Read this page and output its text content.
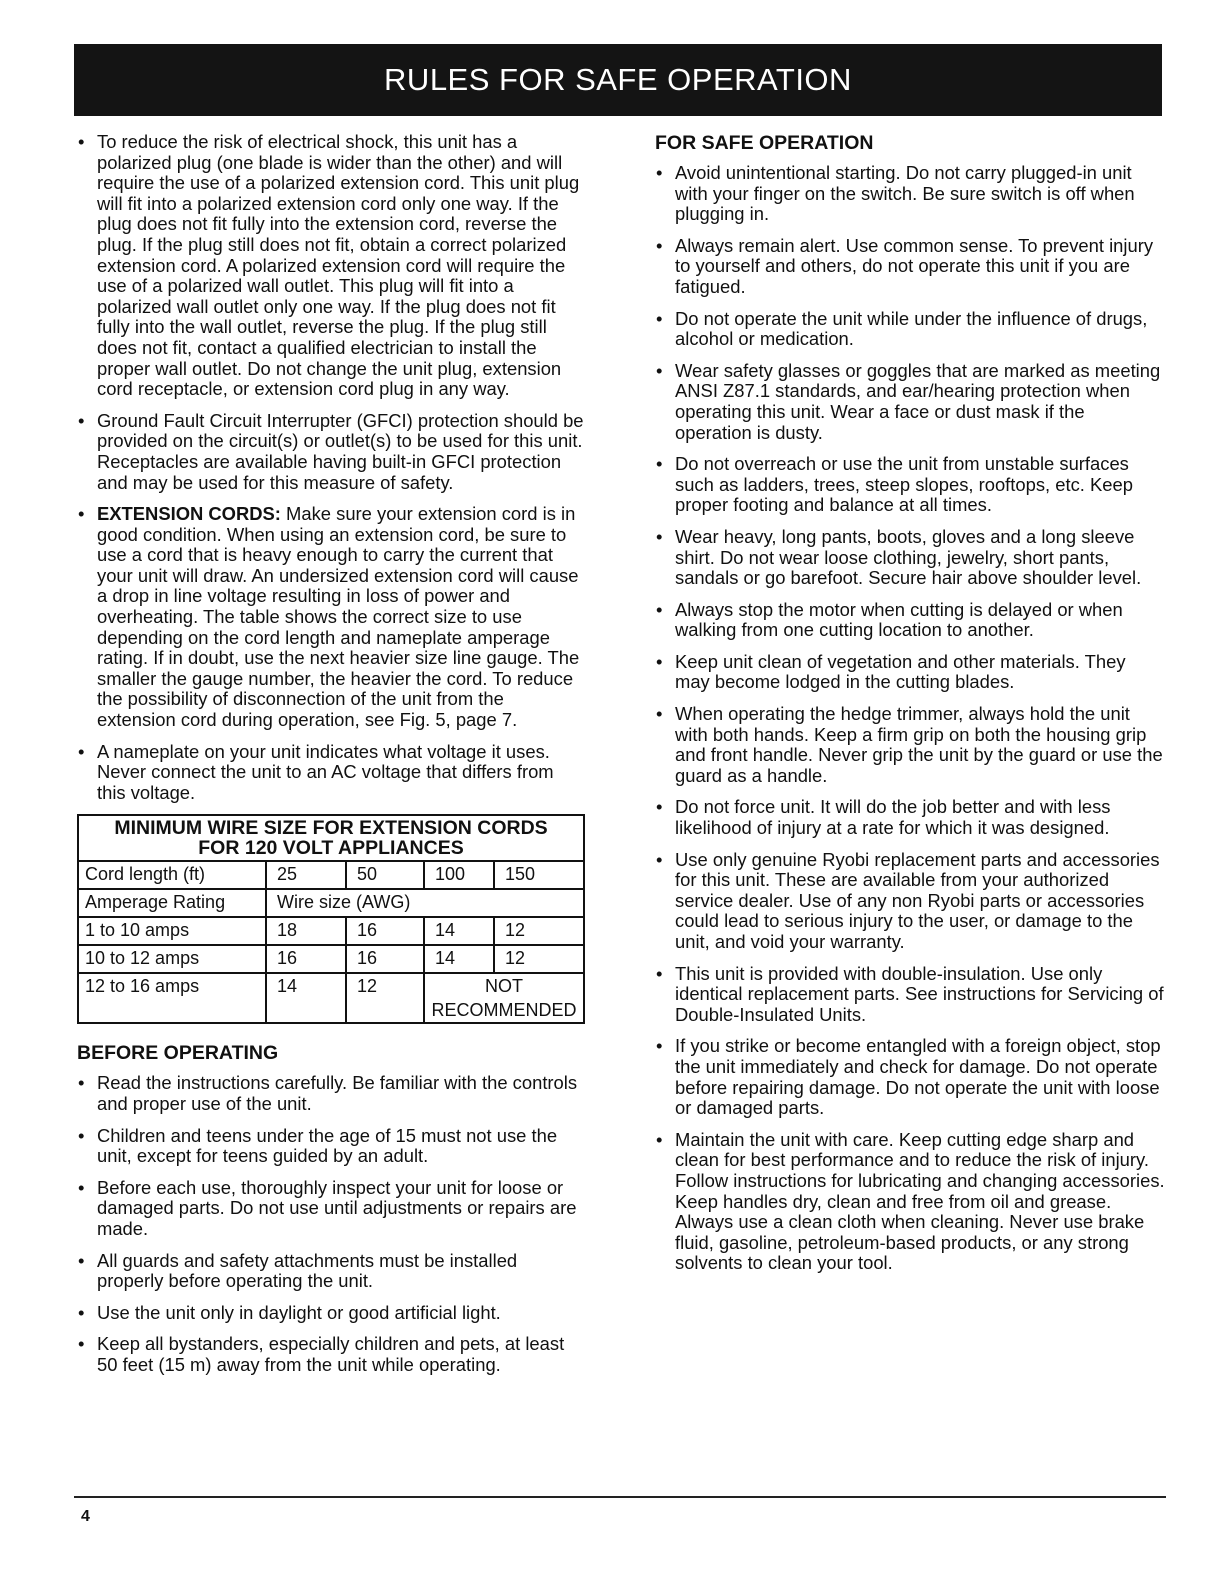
RULES FOR SAFE OPERATION
• To reduce the risk of electrical shock, this unit has a polarized plug (one blade is wider than the other) and will require the use of a polarized extension cord. This unit plug will fit into a polarized extension cord only one way. If the plug does not fit fully into the extension cord, reverse the plug. If the plug still does not fit, obtain a correct polarized extension cord. A polarized extension cord will require the use of a polarized wall outlet. This plug will fit into a polarized wall outlet only one way. If the plug does not fit fully into the wall outlet, reverse the plug. If the plug still does not fit, contact a qualified electrician to install the proper wall outlet. Do not change the unit plug, extension cord receptacle, or extension cord plug in any way.
• Ground Fault Circuit Interrupter (GFCI) protection should be provided on the circuit(s) or outlet(s) to be used for this unit. Receptacles are available having built-in GFCI protection and may be used for this measure of safety.
• EXTENSION CORDS: Make sure your extension cord is in good condition. When using an extension cord, be sure to use a cord that is heavy enough to carry the current that your unit will draw. An undersized extension cord will cause a drop in line voltage resulting in loss of power and overheating. The table shows the correct size to use depending on the cord length and nameplate amperage rating. If in doubt, use the next heavier size line gauge. The smaller the gauge number, the heavier the cord. To reduce the possibility of disconnection of the unit from the extension cord during operation, see Fig. 5, page 7.
• A nameplate on your unit indicates what voltage it uses. Never connect the unit to an AC voltage that differs from this voltage.
MINIMUM WIRE SIZE FOR EXTENSION CORDS
FOR 120 VOLT APPLIANCES				

Cord length (ft)	25	50	100	150
Amperage Rating	Wire size (AWG)			
1 to 10 amps	18	16	14	12
10 to 12 amps	16	16	14	12
12 to 16 amps	14	12	NOT
RECOMMENDED	
BEFORE OPERATING
• Read the instructions carefully. Be familiar with the controls and proper use of the unit.
• Children and teens under the age of 15 must not use the unit, except for teens guided by an adult.
• Before each use, thoroughly inspect your unit for loose or damaged parts. Do not use until adjustments or repairs are made.
• All guards and safety attachments must be installed properly before operating the unit.
• Use the unit only in daylight or good artificial light.
• Keep all bystanders, especially children and pets, at least 50 feet (15 m) away from the unit while operating.
FOR SAFE OPERATION
• Avoid unintentional starting. Do not carry plugged-in unit with your finger on the switch. Be sure switch is off when plugging in.
• Always remain alert. Use common sense. To prevent injury to yourself and others, do not operate this unit if you are fatigued.
• Do not operate the unit while under the influence of drugs, alcohol or medication.
• Wear safety glasses or goggles that are marked as meeting ANSI Z87.1 standards, and ear/hearing protection when operating this unit. Wear a face or dust mask if the operation is dusty.
• Do not overreach or use the unit from unstable surfaces such as ladders, trees, steep slopes, rooftops, etc. Keep proper footing and balance at all times.
• Wear heavy, long pants, boots, gloves and a long sleeve shirt. Do not wear loose clothing, jewelry, short pants, sandals or go barefoot. Secure hair above shoulder level.
• Always stop the motor when cutting is delayed or when walking from one cutting location to another.
• Keep unit clean of vegetation and other materials. They may become lodged in the cutting blades.
• When operating the hedge trimmer, always hold the unit with both hands. Keep a firm grip on both the housing grip and front handle. Never grip the unit by the guard or use the guard as a handle.
• Do not force unit. It will do the job better and with less likelihood of injury at a rate for which it was designed.
• Use only genuine Ryobi replacement parts and accessories for this unit. These are available from your authorized service dealer. Use of any non Ryobi parts or accessories could lead to serious injury to the user, or damage to the unit, and void your warranty.
• This unit is provided with double-insulation. Use only identical replacement parts. See instructions for Servicing of Double-Insulated Units.
• If you strike or become entangled with a foreign object, stop the unit immediately and check for damage. Do not operate before repairing damage. Do not operate the unit with loose or damaged parts.
• Maintain the unit with care. Keep cutting edge sharp and clean for best performance and to reduce the risk of injury. Follow instructions for lubricating and changing accessories. Keep handles dry, clean and free from oil and grease. Always use a clean cloth when cleaning. Never use brake fluid, gasoline, petroleum-based products, or any strong solvents to clean your tool.
4
